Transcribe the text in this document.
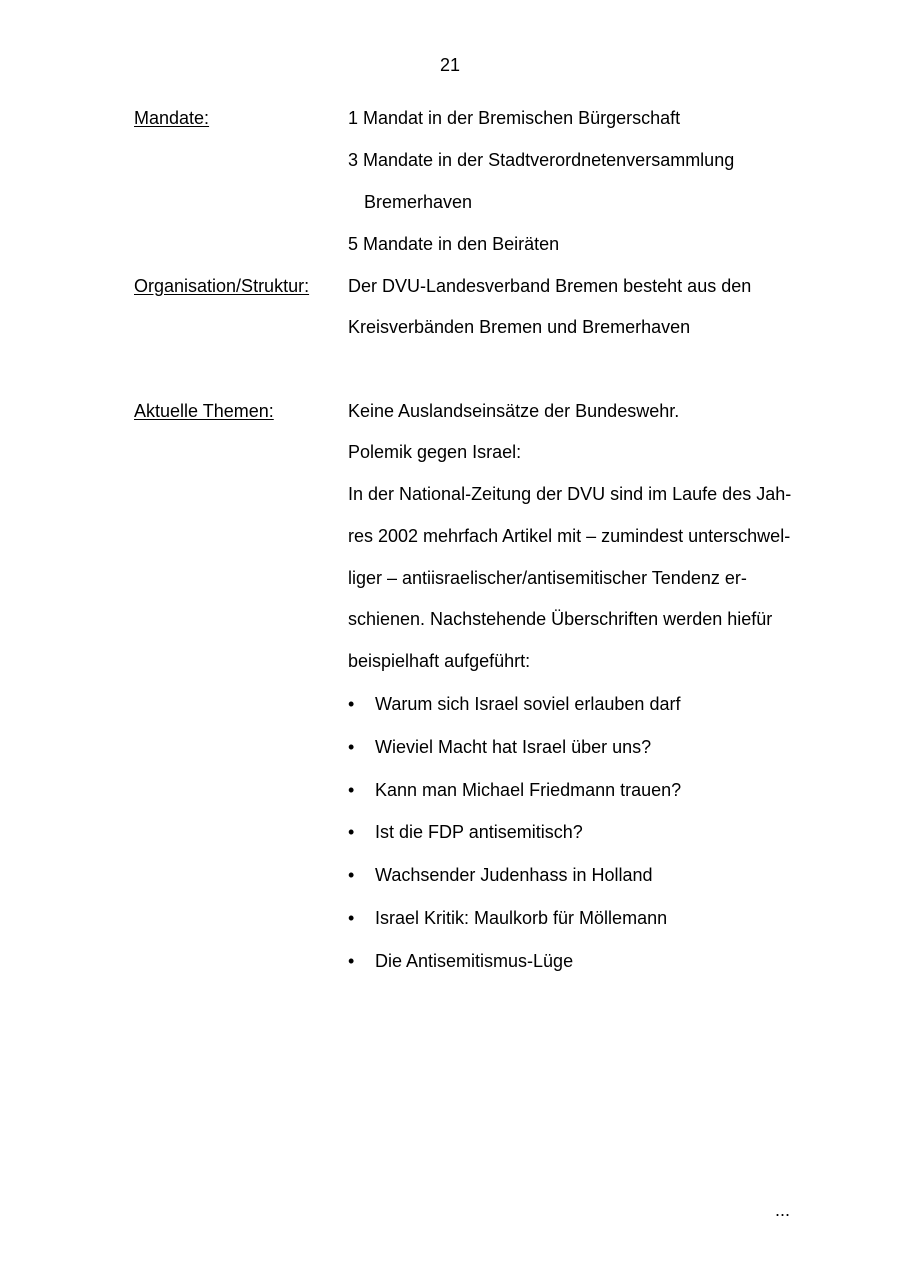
21
Mandate:	1 Mandat in der Bremischen Bürgerschaft
3 Mandate in der Stadtverordnetenversammlung
Bremerhaven
5 Mandate in den Beiräten
Organisation/Struktur: Der DVU-Landesverband Bremen besteht aus den
Kreisverbänden Bremen und Bremerhaven
Aktuelle Themen:	Keine Auslandseinsätze der Bundeswehr.
Polemik gegen Israel:
In der National-Zeitung der DVU sind im Laufe des Jah-
res 2002 mehrfach Artikel mit – zumindest unterschwel-
liger – antiisraelischer/antisemitischer Tendenz er-
schienen. Nachstehende Überschriften werden hiefür
beispielhaft aufgeführt:
• Warum sich Israel soviel erlauben darf
• Wieviel Macht hat Israel über uns?
• Kann man Michael Friedmann trauen?
• Ist die FDP antisemitisch?
• Wachsender Judenhass in Holland
• Israel Kritik: Maulkorb für Möllemann
• Die Antisemitismus-Lüge
...
